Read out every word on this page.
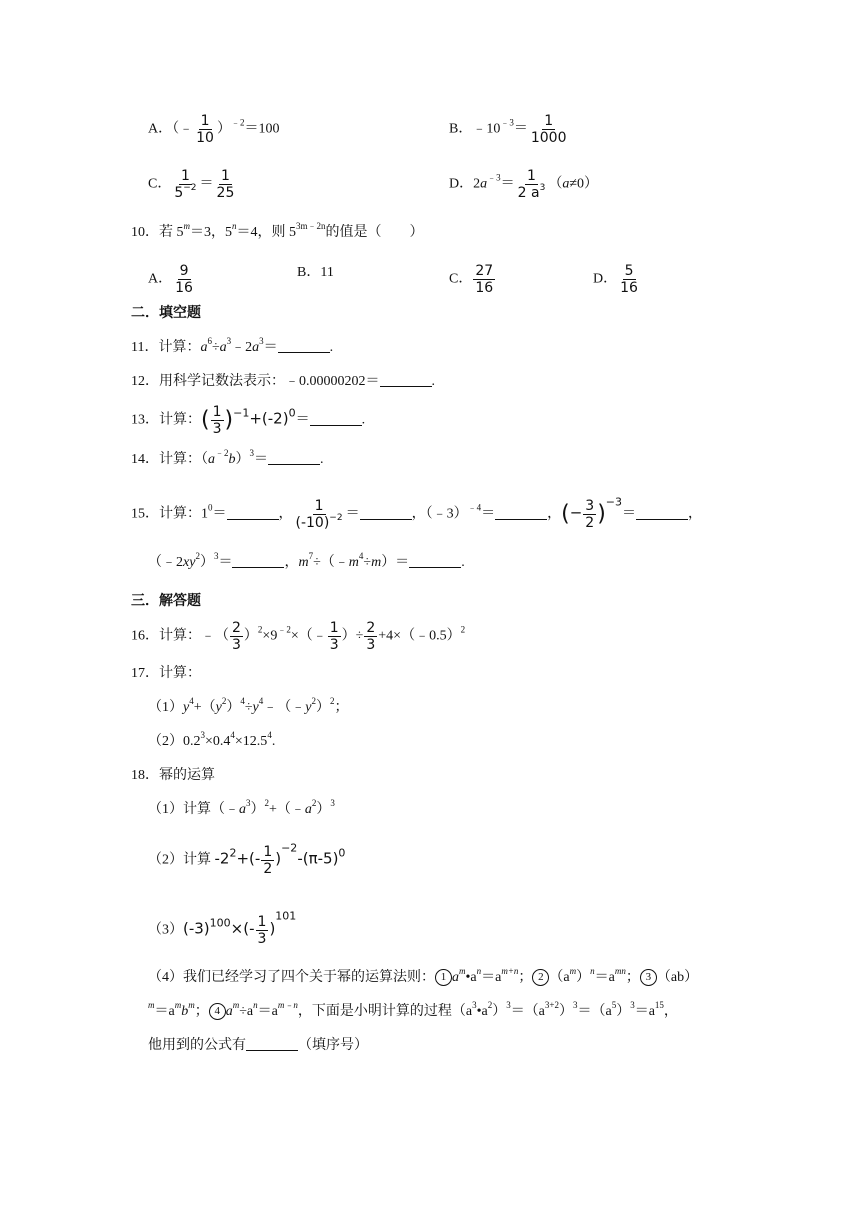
A．（﹣ $\frac{1}{10} )^{﹣2}=100$	B．$﹣10^{﹣3}= \frac{1}{1000}$
C． $\frac{1}{5^{-2}} = \frac{1}{25}$	D．$2a^{﹣3}= \frac{1}{2 a^3} (a\ne 0)$
10．若 $5^m=3$，$5^n=4$，则 $5^{3m﹣2n}$的值是（　　）
A． $\frac{9}{16}$	B．11	C． $\frac{27}{16}$	D． $\frac{5}{16}$
二．填空题
11．计算：$a^6\div a^3﹣2a^3=$	.
12．用科学记数法表示：﹣0.00000202＝	.
13．计算：( $\frac{1}{3} )^{-1}+(-2)^0=$	.
14．计算：$(a^{﹣2}b)^3=$	.
15．计算：$1^0=$	， $\frac{1}{(-10)^{-2}}$ ＝	，（﹣3）$^{﹣4}$＝	，(− $\frac{3}{2} )^{-3}=$	，
$(﹣2xy^2)^3=$	，$m^7\div(﹣m^4\div m)=$	.
三．解答题
16．计算：﹣（ $\frac{2}{3}$ ）$^2\times 9^{﹣2}\times(﹣ \frac{1}{3}$ ）÷ $\frac{2}{3}$ +4×（﹣0.5）$^2$
17．计算：
$(1)y^4+(y^2)^4\div y^4﹣(﹣y^2)^2$；
$(2)0.2^3\times 0.4^4\times 12.5^4$.
18．幂的运算
（1）计算$(﹣a^3)^2+(﹣a^2)^3$
（2）计算 $-2^2+(- \frac{1}{2} )^{-2}-(\pi-5)^0$
$(3)(-3)^{100}\times(- \frac{1}{3} )^{101}$
（4）我们已经学习了四个关于幂的运算法则： 1 $a^m•a^n=a^{m+n}$； 2 $(a^m)^n=a^{mn}$； 3 （ab）
$^m=a^mb^m$； 4 $a^m\div a^n=a^{m﹣n}$，下面是小明计算的过程$(a^3•a^2)^3=(a^{3+2})^3=(a^5)^3=a^{15}$，
他用到的公式有	（填序号）
